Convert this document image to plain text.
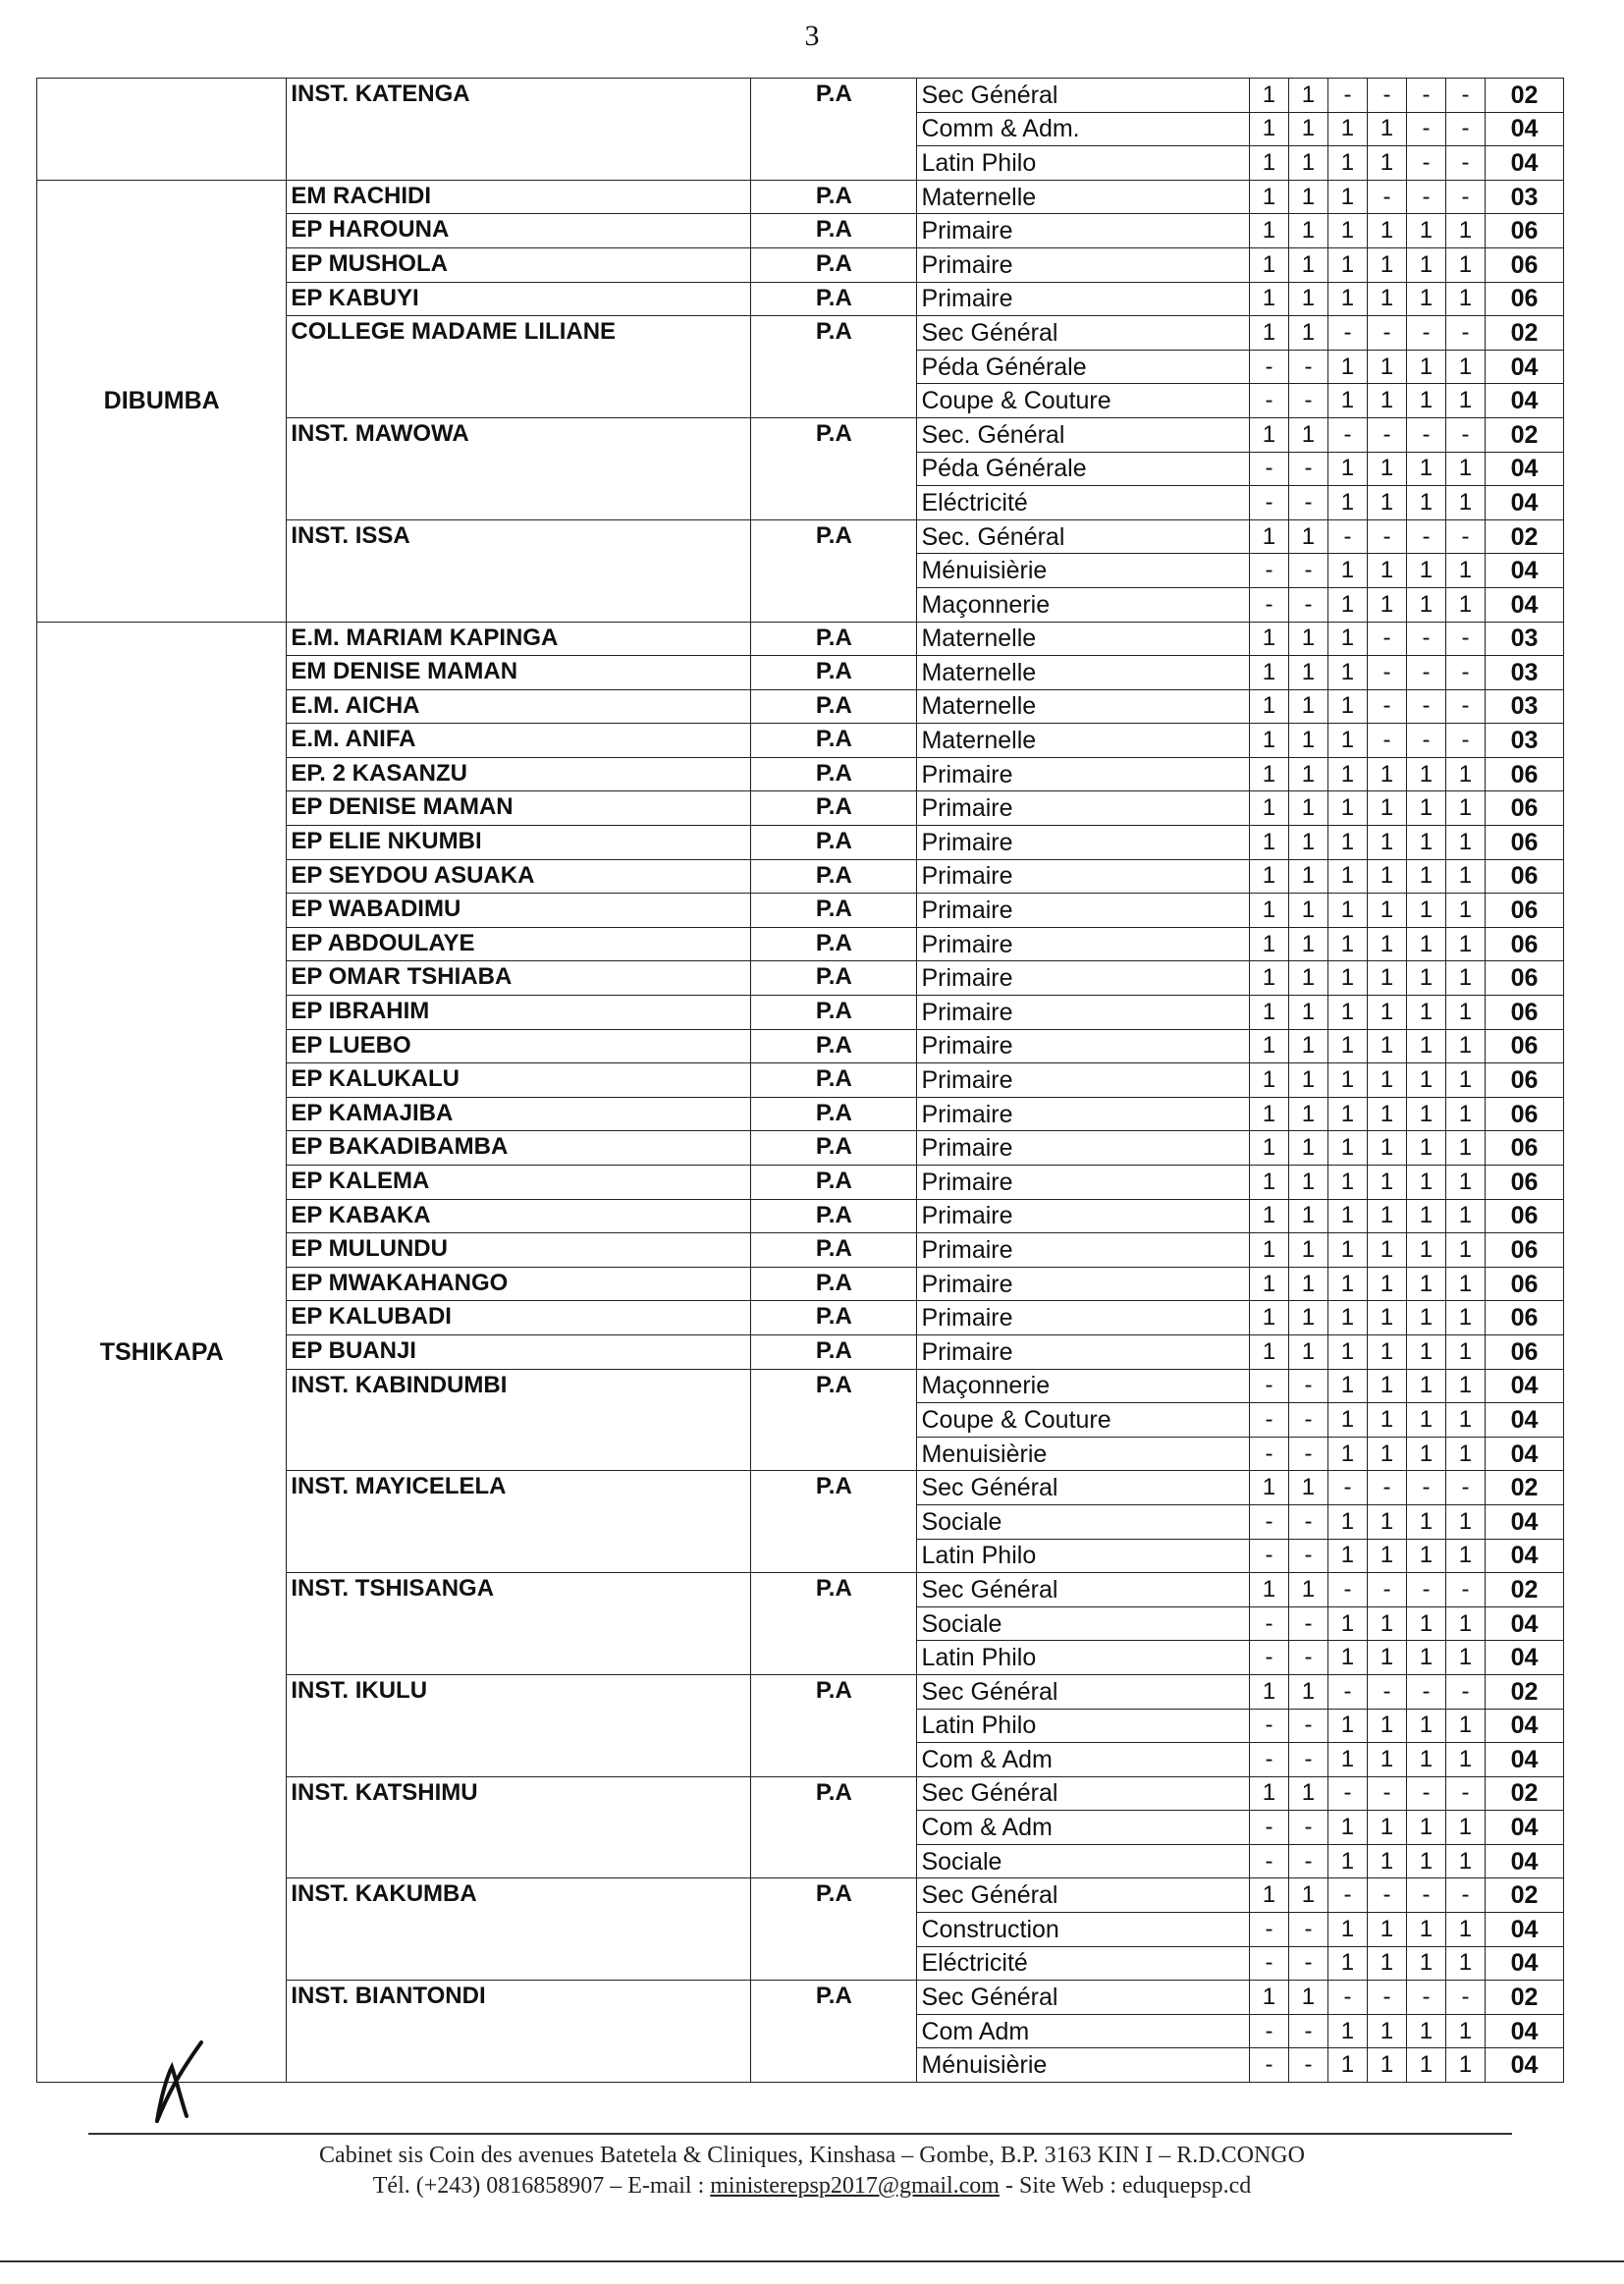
3
	INST. KATENGA	P.A	Sec Général	1	1	-	-	-	-	02
			Comm & Adm.	1	1	1	1	-	-	04
			Latin Philo	1	1	1	1	-	-	04
DIBUMBA	EM RACHIDI	P.A	Maternelle	1	1	1	-	-	-	03
	EP HAROUNA	P.A	Primaire	1	1	1	1	1	1	06
	EP MUSHOLA	P.A	Primaire	1	1	1	1	1	1	06
	EP KABUYI	P.A	Primaire	1	1	1	1	1	1	06
	COLLEGE MADAME LILIANE	P.A	Sec Général	1	1	-	-	-	-	02
			Péda Générale	-	-	1	1	1	1	04
			Coupe & Couture	-	-	1	1	1	1	04
	INST. MAWOWA	P.A	Sec. Général	1	1	-	-	-	-	02
			Péda Générale	-	-	1	1	1	1	04
			Eléctricité	-	-	1	1	1	1	04
	INST. ISSA	P.A	Sec. Général	1	1	-	-	-	-	02
			Ménuisièrie	-	-	1	1	1	1	04
			Maçonnerie	-	-	1	1	1	1	04
TSHIKAPA	E.M. MARIAM KAPINGA	P.A	Maternelle	1	1	1	-	-	-	03
	EM DENISE MAMAN	P.A	Maternelle	1	1	1	-	-	-	03
	E.M. AICHA	P.A	Maternelle	1	1	1	-	-	-	03
	E.M. ANIFA	P.A	Maternelle	1	1	1	-	-	-	03
	EP. 2 KASANZU	P.A	Primaire	1	1	1	1	1	1	06
	EP DENISE MAMAN	P.A	Primaire	1	1	1	1	1	1	06
	EP ELIE NKUMBI	P.A	Primaire	1	1	1	1	1	1	06
	EP SEYDOU ASUAKA	P.A	Primaire	1	1	1	1	1	1	06
	EP WABADIMU	P.A	Primaire	1	1	1	1	1	1	06
	EP ABDOULAYE	P.A	Primaire	1	1	1	1	1	1	06
	EP OMAR TSHIABA	P.A	Primaire	1	1	1	1	1	1	06
	EP IBRAHIM	P.A	Primaire	1	1	1	1	1	1	06
	EP LUEBO	P.A	Primaire	1	1	1	1	1	1	06
	EP KALUKALU	P.A	Primaire	1	1	1	1	1	1	06
	EP KAMAJIBA	P.A	Primaire	1	1	1	1	1	1	06
	EP BAKADIBAMBA	P.A	Primaire	1	1	1	1	1	1	06
	EP KALEMA	P.A	Primaire	1	1	1	1	1	1	06
	EP KABAKA	P.A	Primaire	1	1	1	1	1	1	06
	EP MULUNDU	P.A	Primaire	1	1	1	1	1	1	06
	EP MWAKAHANGO	P.A	Primaire	1	1	1	1	1	1	06
	EP KALUBADI	P.A	Primaire	1	1	1	1	1	1	06
	EP BUANJI	P.A	Primaire	1	1	1	1	1	1	06
	INST. KABINDUMBI	P.A	Maçonnerie	-	-	1	1	1	1	04
			Coupe & Couture	-	-	1	1	1	1	04
			Menuisièrie	-	-	1	1	1	1	04
	INST. MAYICELELA	P.A	Sec Général	1	1	-	-	-	-	02
			Sociale	-	-	1	1	1	1	04
			Latin Philo	-	-	1	1	1	1	04
	INST. TSHISANGA	P.A	Sec Général	1	1	-	-	-	-	02
			Sociale	-	-	1	1	1	1	04
			Latin Philo	-	-	1	1	1	1	04
	INST. IKULU	P.A	Sec Général	1	1	-	-	-	-	02
			Latin Philo	-	-	1	1	1	1	04
			Com & Adm	-	-	1	1	1	1	04
	INST. KATSHIMU	P.A	Sec Général	1	1	-	-	-	-	02
			Com & Adm	-	-	1	1	1	1	04
			Sociale	-	-	1	1	1	1	04
	INST. KAKUMBA	P.A	Sec Général	1	1	-	-	-	-	02
			Construction	-	-	1	1	1	1	04
			Eléctricité	-	-	1	1	1	1	04
	INST. BIANTONDI	P.A	Sec Général	1	1	-	-	-	-	02
			Com Adm	-	-	1	1	1	1	04
			Ménuisièrie	-	-	1	1	1	1	04
Cabinet sis Coin des avenues Batetela & Cliniques, Kinshasa – Gombe, B.P. 3163 KIN I – R.D.CONGO
Tél. (+243) 0816858907 – E-mail : ministerepsp2017@gmail.com - Site Web : eduquepsp.cd
